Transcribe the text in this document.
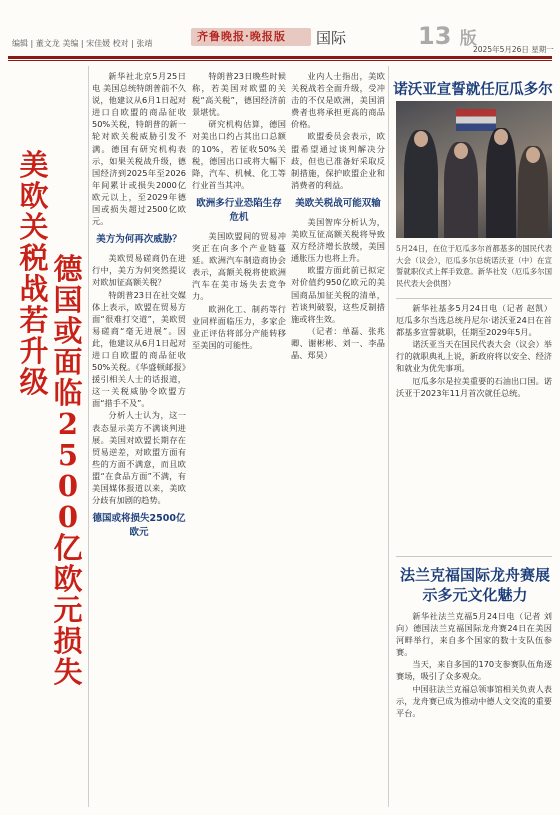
编辑 | 董文龙 美编 | 宋佳媛 校对 | 张靖
齐鲁晚报·晚报版	国际	13 版
2025年5月26日 星期一
美欧关税战若升级
德国或面临2500亿欧元损失

新华社北京5月25日电 美国总统特朗普前不久说，他建议从6月1日起对进口自欧盟的商品征收50%关税，特朗普的新一轮对欧关税威胁引发不满。德国有研究机构表示，如果关税战升级，德国经济到2025年至2026年间累计或损失2000亿欧元以上，至2029年德国或损失超过2500亿欧元。

美方为何再次威胁？

美欧贸易磋商仍在进行中，美方为何突然提议对欧加征高额关税？

特朗普23日在社交媒体上表示，欧盟在贸易方面“很难打交道”，美欧贸易磋商“毫无进展”。因此，他建议从6月1日起对进口自欧盟的商品征收50%关税。《华盛顿邮报》援引相关人士的话报道，这一关税威胁令欧盟方面“措手不及”。

分析人士认为，这一表态显示美方不满谈判进展。美国对欧盟长期存在贸易逆差，对欧盟方面有些的方面不满意，而且欧盟“在食品方面”不满，有美国媒体报道以来，美欧分歧有加剧的趋势。

德国或将损失2500亿欧元

特朗普23日晚些时候称，若美国对欧盟的关税“高关税”，德国经济前景堪忧。

研究机构估算，德国对美出口约占其出口总额的10%，若征收50%关税，德国出口或将大幅下降，汽车、机械、化工等行业首当其冲。

欧洲多行业恐陷生存危机

美国欧盟间的贸易冲突正在向多个产业链蔓延。欧洲汽车制造商协会表示，高额关税将使欧洲汽车在美市场失去竞争力。

欧洲化工、制药等行业同样面临压力，多家企业正评估将部分产能转移至美国的可能性。

业内人士指出，美欧关税战若全面升级，受冲击的不仅是欧洲，美国消费者也将承担更高的商品价格。

欧盟委员会表示，欧盟希望通过谈判解决分歧，但也已准备好采取反制措施，保护欧盟企业和消费者的利益。

美欧关税战可能双输

美国智库分析认为，美欧互征高额关税将导致双方经济增长放缓，美国通胀压力也将上升。

欧盟方面此前已拟定对价值约950亿欧元的美国商品加征关税的清单，若谈判破裂，这些反制措施或将生效。

（记者：单磊、张兆卿、谢彬彬、刘一、李晶晶、郑昊）

诺沃亚宣誓就任厄瓜多尔
5月24日，在位于厄瓜多尔首都基多的国民代表大会（议会），厄瓜多尔总统诺沃亚（中）在宣誓就职仪式上挥手致意。新华社发（厄瓜多尔国民代表大会供图）

新华社基多5月24日电（记者 赵凯）厄瓜多尔当选总统丹尼尔·诺沃亚24日在首都基多宣誓就职，任期至2029年5月。

诺沃亚当天在国民代表大会（议会）举行的就职典礼上说，新政府将以安全、经济和就业为优先事项。

厄瓜多尔是拉美重要的石油出口国。诺沃亚于2023年11月首次就任总统。

法兰克福国际龙舟赛展示多元文化魅力

新华社法兰克福5月24日电（记者 刘向）德国法兰克福国际龙舟赛24日在美因河畔举行，来自多个国家的数十支队伍参赛。

当天，来自多国的170支参赛队伍角逐赛场，吸引了众多观众。

中国驻法兰克福总领事馆相关负责人表示，龙舟赛已成为推动中德人文交流的重要平台。
